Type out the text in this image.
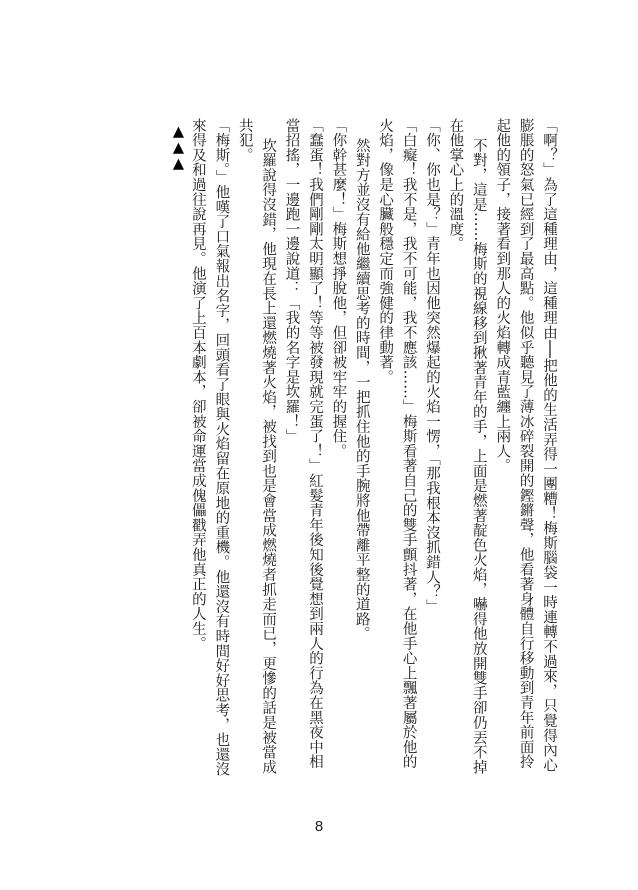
「啊？」為了這種理由，這種理由──把他的生活弄得一團糟！梅斯腦袋一時連轉不過來，只覺得內心膨脹的怒氣已經到了最高點。他似乎聽見了薄冰碎裂開的鏗鏘聲，他看著身體自行移動到青年前面拎起他的領子，接著看到那人的火焰轉成青藍纏上兩人。

不對，這是……梅斯的視線移到揪著青年的手，上面是燃著靛色火焰，嚇得他放開雙手卻仍丟不掉在他掌心上的溫度。

「你、你也是？」青年也因他突然爆起的火焰一愣，「那我根本沒抓錯人？」

「白癡！我不是，我不可能，我不應該……」梅斯看著自己的雙手顫抖著，在他手心上飄著屬於他的火焰，像是心臟般穩定而強健的律動著。

然對方並沒有給他繼續思考的時間，一把抓住他的手腕將他帶離平整的道路。

「你幹甚麼！」梅斯想掙脫他，但卻被牢牢的握住。

「蠢蛋！我們剛剛太明顯了！等等被發現就完蛋了！」紅髮青年後知後覺想到兩人的行為在黑夜中相當招搖，一邊跑一邊說道：「我的名字是坎羅！」

坎羅說得沒錯，他現在長上還燃燒著火焰，被找到也是會當成燃燒者抓走而已，更慘的話是被當成共犯。

「梅斯。」他嘆了口氣報出名字，回頭看了眼與火焰留在原地的重機。他還沒有時間好好思考，也還沒來得及和過往說再見。他演了上百本劇本，卻被命運當成傀儡戳弄他真正的人生。

▲▲▲

8
